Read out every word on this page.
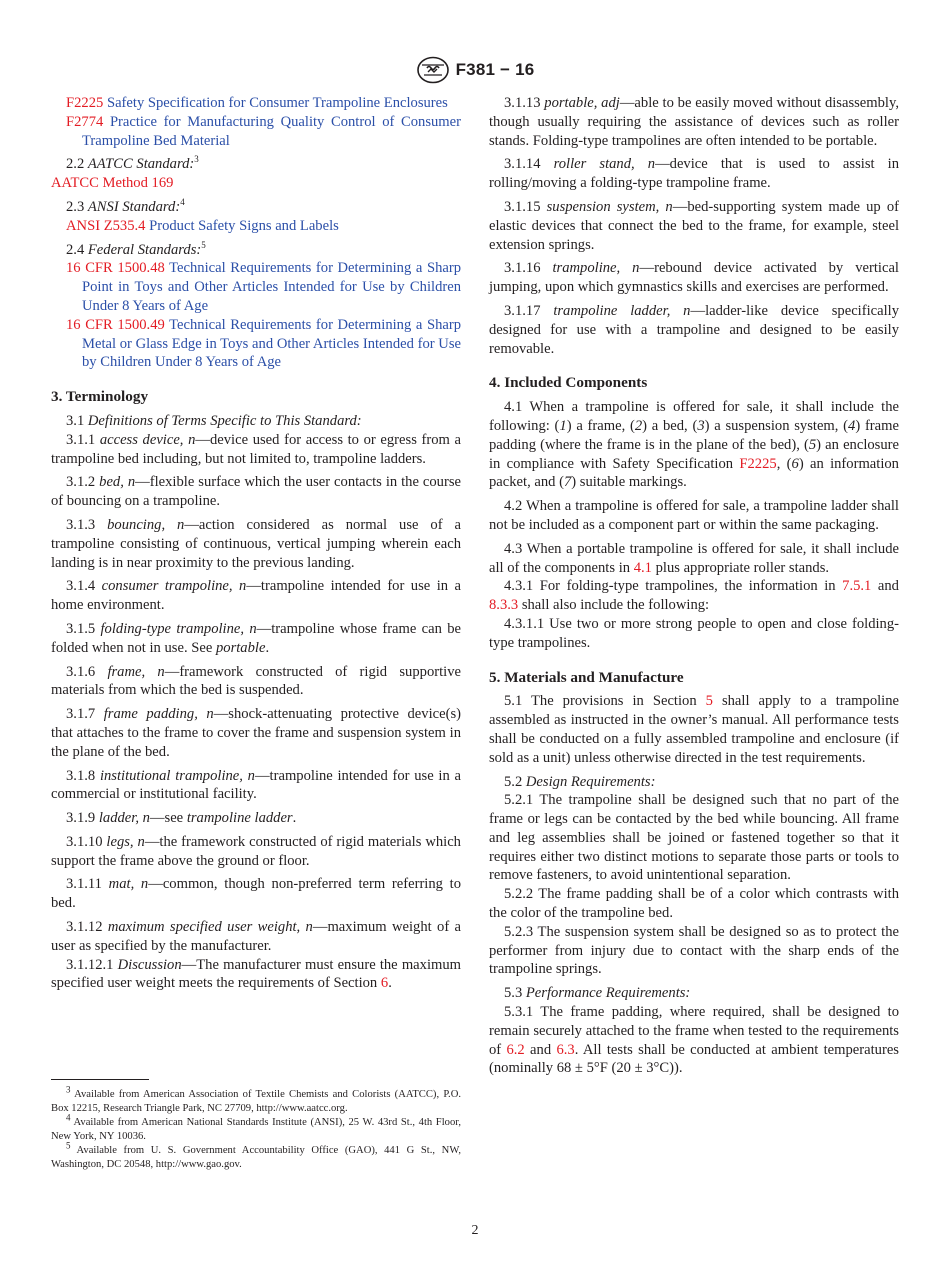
F381 − 16

F2225 Safety Specification for Consumer Trampoline Enclosures

F2774 Practice for Manufacturing Quality Control of Consumer Trampoline Bed Material

2.2 AATCC Standard:$^3$

AATCC Method 169

2.3 ANSI Standard:$^4$

ANSI Z535.4 Product Safety Signs and Labels

2.4 Federal Standards:$^5$

16 CFR 1500.48 Technical Requirements for Determining a Sharp Point in Toys and Other Articles Intended for Use by Children Under 8 Years of Age

16 CFR 1500.49 Technical Requirements for Determining a Sharp Metal or Glass Edge in Toys and Other Articles Intended for Use by Children Under 8 Years of Age

3. Terminology

3.1 Definitions of Terms Specific to This Standard:

3.1.1 access device, n—device used for access to or egress from a trampoline bed including, but not limited to, trampoline ladders.

3.1.2 bed, n—flexible surface which the user contacts in the course of bouncing on a trampoline.

3.1.3 bouncing, n—action considered as normal use of a trampoline consisting of continuous, vertical jumping wherein each landing is in near proximity to the previous landing.

3.1.4 consumer trampoline, n—trampoline intended for use in a home environment.

3.1.5 folding-type trampoline, n—trampoline whose frame can be folded when not in use. See portable.

3.1.6 frame, n—framework constructed of rigid supportive materials from which the bed is suspended.

3.1.7 frame padding, n—shock-attenuating protective device(s) that attaches to the frame to cover the frame and suspension system in the plane of the bed.

3.1.8 institutional trampoline, n—trampoline intended for use in a commercial or institutional facility.

3.1.9 ladder, n—see trampoline ladder.

3.1.10 legs, n—the framework constructed of rigid materials which support the frame above the ground or floor.

3.1.11 mat, n—common, though non-preferred term referring to bed.

3.1.12 maximum specified user weight, n—maximum weight of a user as specified by the manufacturer.

3.1.12.1 Discussion—The manufacturer must ensure the maximum specified user weight meets the requirements of Section 6.

3.1.13 portable, adj—able to be easily moved without disassembly, though usually requiring the assistance of devices such as roller stands. Folding-type trampolines are often intended to be portable.

3.1.14 roller stand, n—device that is used to assist in rolling/moving a folding-type trampoline frame.

3.1.15 suspension system, n—bed-supporting system made up of elastic devices that connect the bed to the frame, for example, steel extension springs.

3.1.16 trampoline, n—rebound device activated by vertical jumping, upon which gymnastics skills and exercises are performed.

3.1.17 trampoline ladder, n—ladder-like device specifically designed for use with a trampoline and designed to be easily removable.

4. Included Components

4.1 When a trampoline is offered for sale, it shall include the following: (1) a frame, (2) a bed, (3) a suspension system, (4) frame padding (where the frame is in the plane of the bed), (5) an enclosure in compliance with Safety Specification F2225, (6) an information packet, and (7) suitable markings.

4.2 When a trampoline is offered for sale, a trampoline ladder shall not be included as a component part or within the same packaging.

4.3 When a portable trampoline is offered for sale, it shall include all of the components in 4.1 plus appropriate roller stands.

4.3.1 For folding-type trampolines, the information in 7.5.1 and 8.3.3 shall also include the following:

4.3.1.1 Use two or more strong people to open and close folding-type trampolines.

5. Materials and Manufacture

5.1 The provisions in Section 5 shall apply to a trampoline assembled as instructed in the owner’s manual. All performance tests shall be conducted on a fully assembled trampoline and enclosure (if sold as a unit) unless otherwise directed in the test requirements.

5.2 Design Requirements:

5.2.1 The trampoline shall be designed such that no part of the frame or legs can be contacted by the bed while bouncing. All frame and leg assemblies shall be joined or fastened together so that it requires either two distinct motions to separate those parts or tools to remove fasteners, to avoid unintentional separation.

5.2.2 The frame padding shall be of a color which contrasts with the color of the trampoline bed.

5.2.3 The suspension system shall be designed so as to protect the performer from injury due to contact with the sharp ends of the trampoline springs.

5.3 Performance Requirements:

5.3.1 The frame padding, where required, shall be designed to remain securely attached to the frame when tested to the requirements of 6.2 and 6.3. All tests shall be conducted at ambient temperatures (nominally 68 ± 5°F (20 ± 3°C)).

$^3$ Available from American Association of Textile Chemists and Colorists (AATCC), P.O. Box 12215, Research Triangle Park, NC 27709, http://www.aatcc.org.

$^4$ Available from American National Standards Institute (ANSI), 25 W. 43rd St., 4th Floor, New York, NY 10036.

$^5$ Available from U. S. Government Accountability Office (GAO), 441 G St., NW, Washington, DC 20548, http://www.gao.gov.

2
